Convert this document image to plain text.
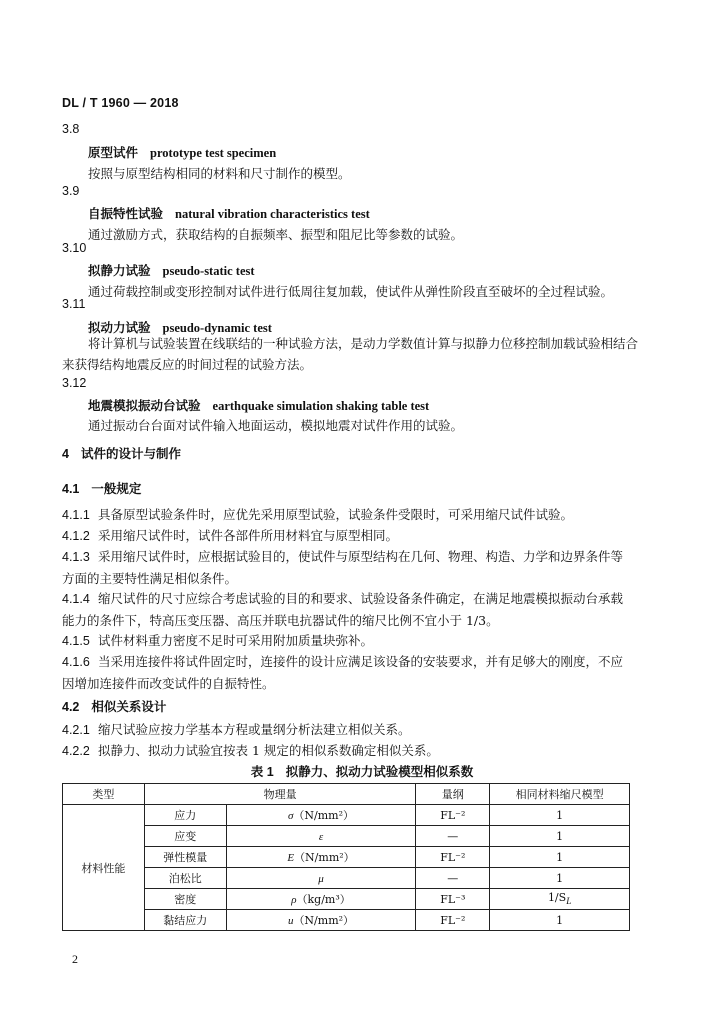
DL / T 1960 — 2018
3.8
原型试件 prototype test specimen
按照与原型结构相同的材料和尺寸制作的模型。
3.9
自振特性试验 natural vibration characteristics test
通过激励方式，获取结构的自振频率、振型和阻尼比等参数的试验。
3.10
拟静力试验 pseudo-static test
通过荷载控制或变形控制对试件进行低周往复加载，使试件从弹性阶段直至破坏的全过程试验。
3.11
拟动力试验 pseudo-dynamic test
将计算机与试验装置在线联结的一种试验方法，是动力学数值计算与拟静力位移控制加载试验相结合来获得结构地震反应的时间过程的试验方法。
3.12
地震模拟振动台试验 earthquake simulation shaking table test
通过振动台台面对试件输入地面运动，模拟地震对试件作用的试验。
4 试件的设计与制作
4.1 一般规定
4.1.1 具备原型试验条件时，应优先采用原型试验，试验条件受限时，可采用缩尺试件试验。
4.1.2 采用缩尺试件时，试件各部件所用材料宜与原型相同。
4.1.3 采用缩尺试件时，应根据试验目的，使试件与原型结构在几何、物理、构造、力学和边界条件等方面的主要特性满足相似条件。
4.1.4 缩尺试件的尺寸应综合考虑试验的目的和要求、试验设备条件确定，在满足地震模拟振动台承载能力的条件下，特高压变压器、高压并联电抗器试件的缩尺比例不宜小于 1/3。
4.1.5 试件材料重力密度不足时可采用附加质量块弥补。
4.1.6 当采用连接件将试件固定时，连接件的设计应满足该设备的安装要求，并有足够大的刚度，不应因增加连接件而改变试件的自振特性。
4.2 相似关系设计
4.2.1 缩尺试验应按力学基本方程或量纲分析法建立相似关系。
4.2.2 拟静力、拟动力试验宜按表 1 规定的相似系数确定相似关系。
表 1 拟静力、拟动力试验模型相似系数
类型	物理量		量纲	相同材料缩尺模型
材料性能	应力	σ（N/mm²）	FL⁻²	1
	应变	ε	—	1
	弹性模量	E（N/mm²）	FL⁻²	1
	泊松比	μ	—	1
	密度	ρ（kg/m³）	FL⁻³	$1/S_L$
	黏结应力	u（N/mm²）	FL⁻²	1
2
